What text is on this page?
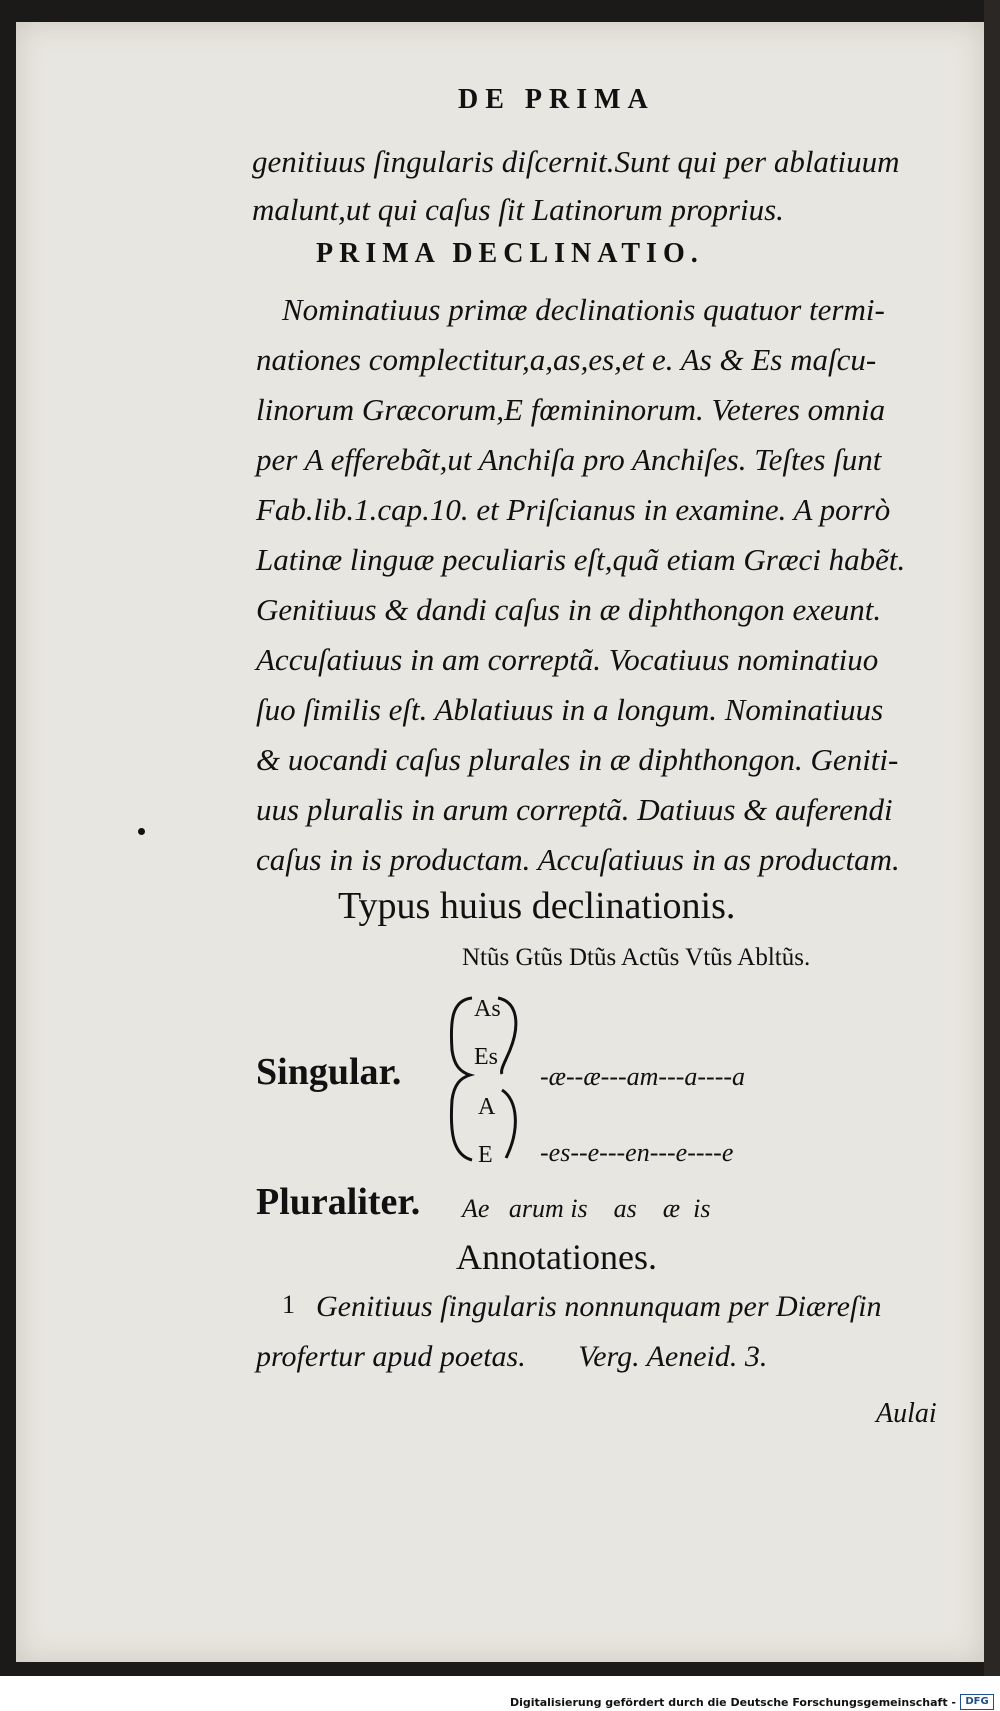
DE PRIMA
genitiuus ſingularis diſcernit.Sunt qui per ablatiuum
malunt,ut qui caſus ſit Latinorum proprius.
PRIMA DECLINATIO.
Nominatiuus primæ declinationis quatuor termi-
nationes complectitur,a,as,es,et e. As & Es maſcu-
linorum Græcorum,E fœmininorum. Veteres omnia
per A efferebãt,ut Anchiſa pro Anchiſes. Teſtes ſunt
Fab.lib.1.cap.10. et Priſcianus in examine. A porrò
Latinæ linguæ peculiaris eſt,quã etiam Græci habẽt.
Genitiuus & dandi caſus in æ diphthongon exeunt.
Accuſatiuus in am correptã. Vocatiuus nominatiuo
ſuo ſimilis eſt. Ablatiuus in a longum. Nominatiuus
& uocandi caſus plurales in æ diphthongon. Geniti-
uus pluralis in arum correptã. Datiuus & auferendi
caſus in is productam. Accuſatiuus in as productam.
Typus huius declinationis.
Ntũs Gtũs Dtũs Actũs Vtũs Abltũs.
Singular.
As
Es
A
E
-æ--æ---am---a----a
-es--e---en---e----e
Pluraliter. Ae   arum is    as    æ  is
Annotationes.
1 Genitiuus ſingularis nonnunquam per Diæreſin
profertur apud poetas.       Verg. Aeneid. 3.
Aulai
Digitalisierung gefördert durch die Deutsche Forschungsgemeinschaft - DFG
